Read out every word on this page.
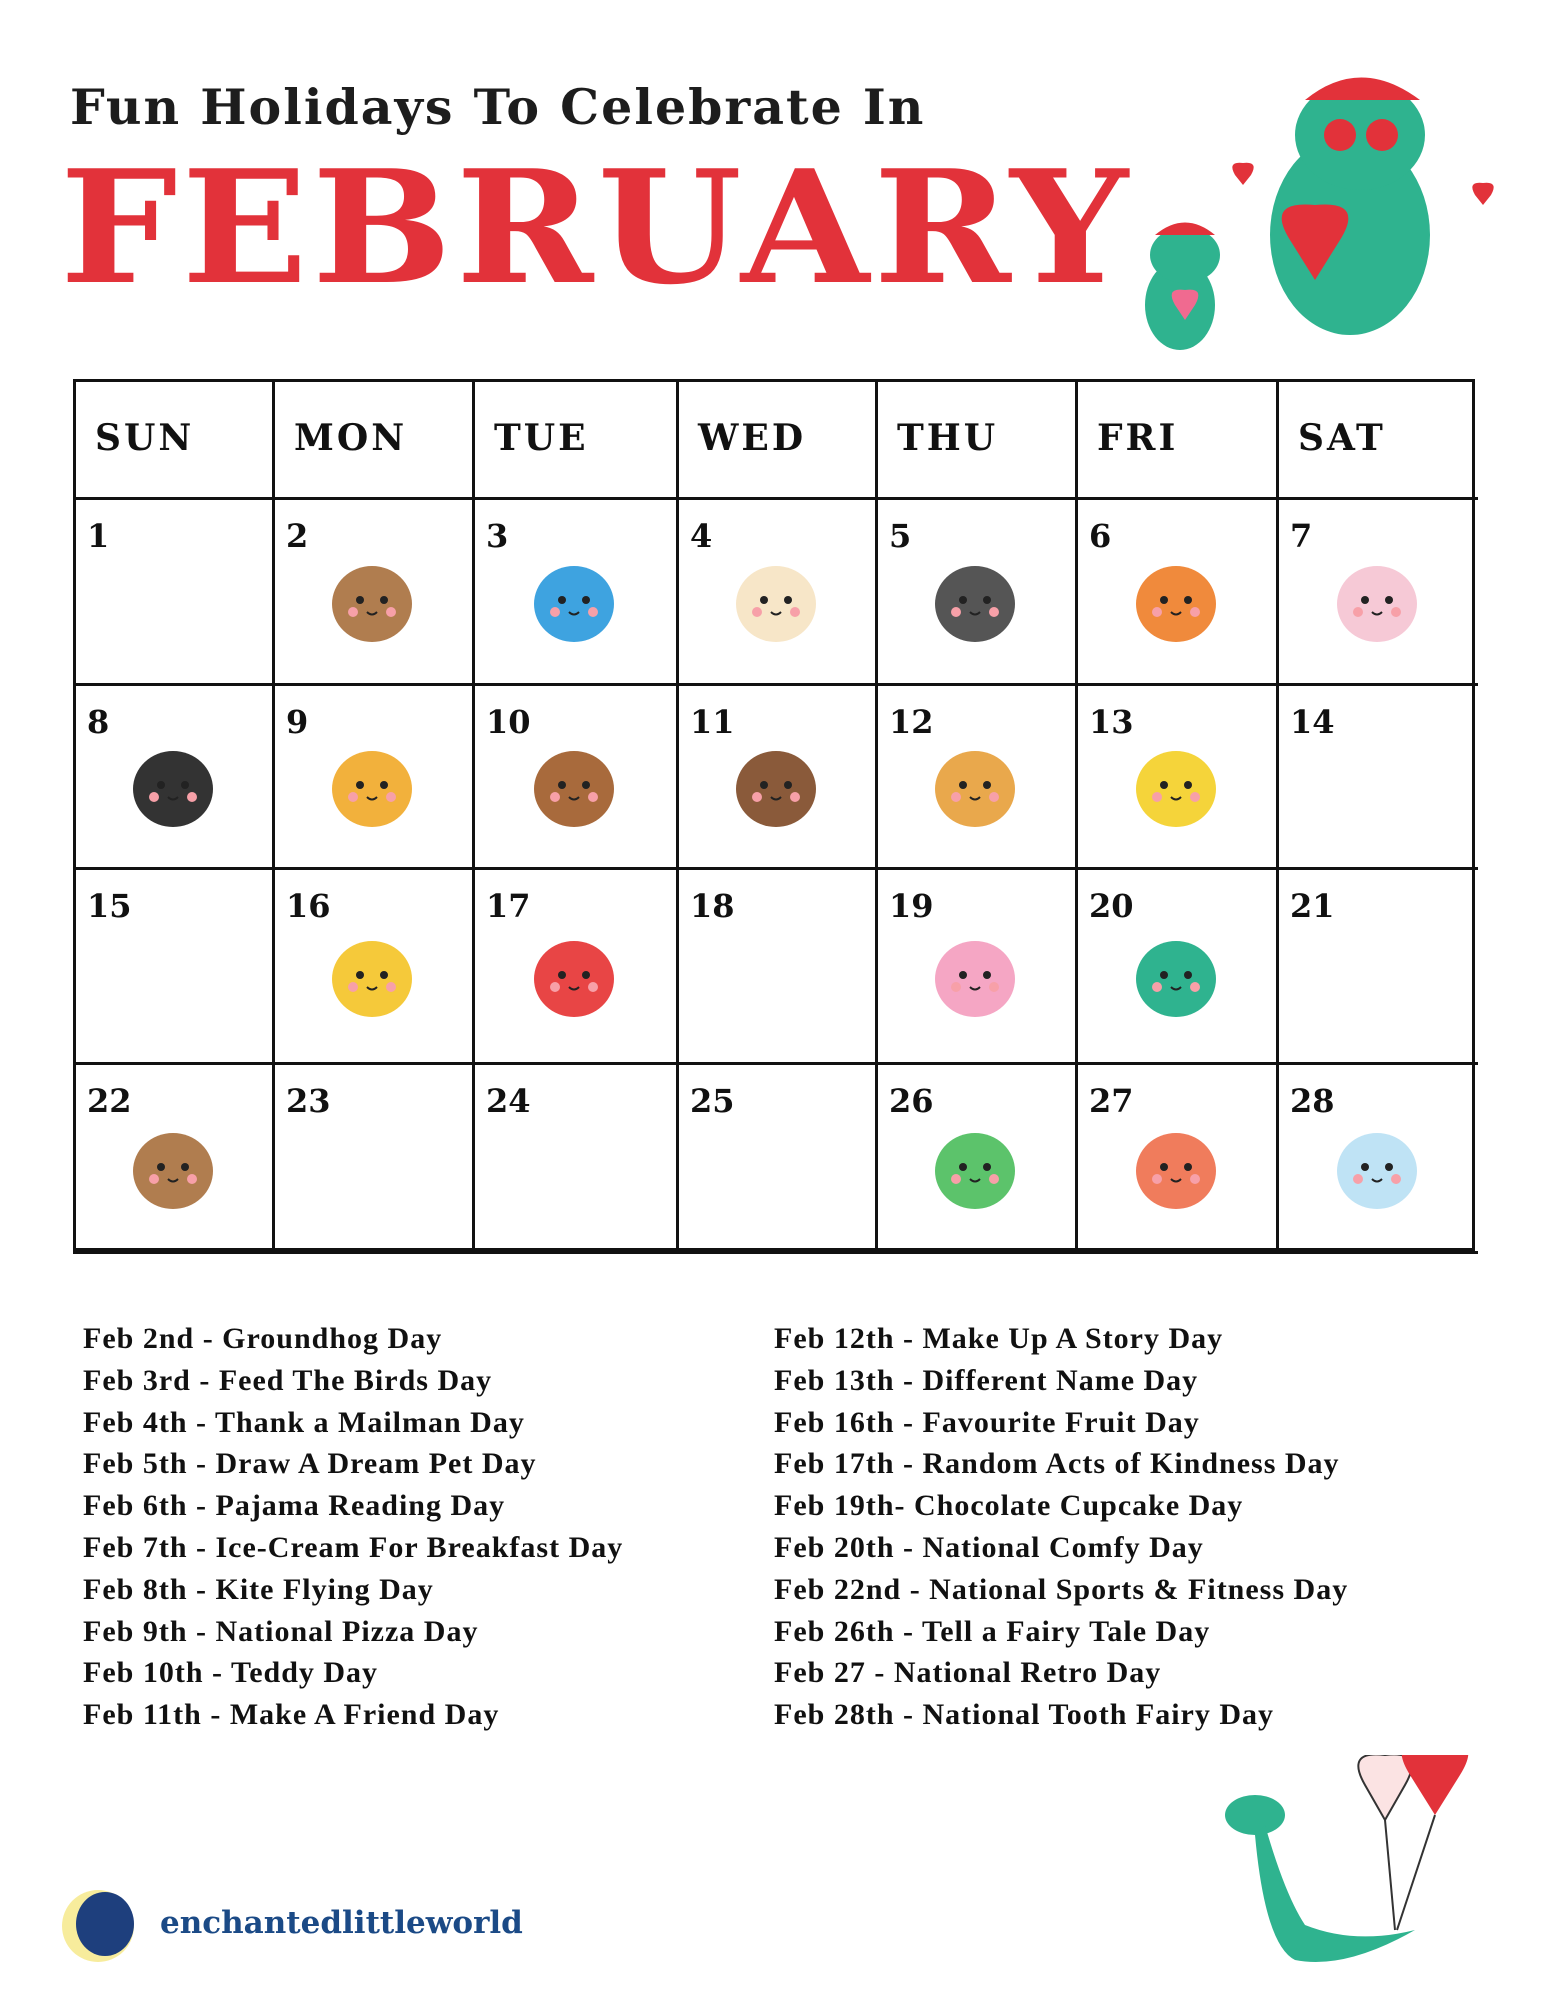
Fun Holidays To Celebrate In
FEBRUARY
SUN	MON	TUE	WED	THU	FRI	SAT
1	2	3	4	5	6	7
8	9	10	11	12	13	14
15	16	17	18	19	20	21
22	23	24	25	26	27	28
Feb 2nd - Groundhog Day
Feb 3rd - Feed The Birds Day
Feb 4th - Thank a Mailman Day
Feb 5th - Draw A Dream Pet Day
Feb 6th - Pajama Reading Day
Feb 7th - Ice-Cream For Breakfast Day
Feb 8th - Kite Flying Day
Feb 9th - National Pizza Day
Feb 10th - Teddy Day
Feb 11th - Make A Friend Day
Feb 12th - Make Up A Story Day
Feb 13th - Different Name Day
Feb 16th - Favourite Fruit Day
Feb 17th - Random Acts of Kindness Day
Feb 19th- Chocolate Cupcake Day
Feb 20th - National Comfy Day
Feb 22nd - National Sports & Fitness Day
Feb 26th - Tell a Fairy Tale Day
Feb 27 - National Retro Day
Feb 28th - National Tooth Fairy Day
enchantedlittleworld
